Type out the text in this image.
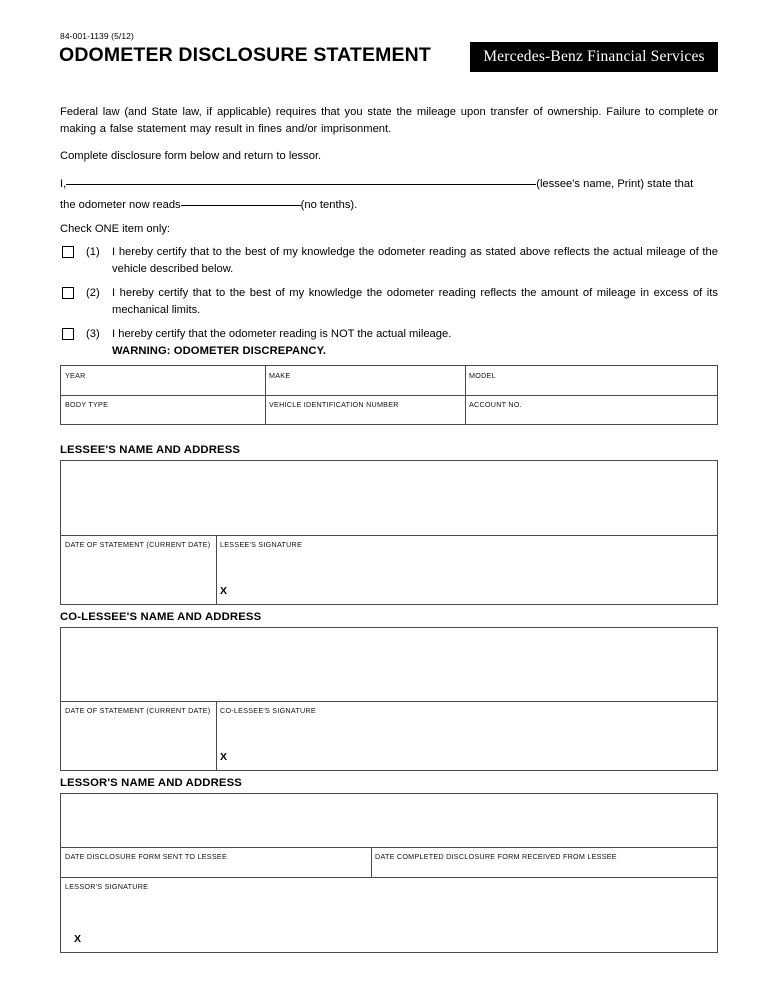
84-001-1139 (5/12)
ODOMETER DISCLOSURE STATEMENT	Mercedes-Benz Financial Services
Federal law (and State law, if applicable) requires that you state the mileage upon transfer of ownership. Failure to complete or making a false statement may result in fines and/or imprisonment.
Complete disclosure form below and return to lessor.
I,	(lessee's name, Print) state that
the odometer now reads	(no tenths).
Check ONE item only:
(1)	I hereby certify that to the best of my knowledge the odometer reading as stated above reflects the actual mileage of the vehicle described below.
(2)	I hereby certify that to the best of my knowledge the odometer reading reflects the amount of mileage in excess of its mechanical limits.
(3)	I hereby certify that the odometer reading is NOT the actual mileage.
WARNING: ODOMETER DISCREPANCY.
YEAR	MAKE	MODEL
BODY TYPE	VEHICLE IDENTIFICATION NUMBER	ACCOUNT NO.
LESSEE'S NAME AND ADDRESS
DATE OF STATEMENT (CURRENT DATE) LESSEE'S SIGNATURE
X
CO-LESSEE'S NAME AND ADDRESS
DATE OF STATEMENT (CURRENT DATE) CO-LESSEE'S SIGNATURE
X
LESSOR'S NAME AND ADDRESS
DATE DISCLOSURE FORM SENT TO LESSEE	DATE COMPLETED DISCLOSURE FORM RECEIVED FROM LESSEE
LESSOR'S SIGNATURE
X
